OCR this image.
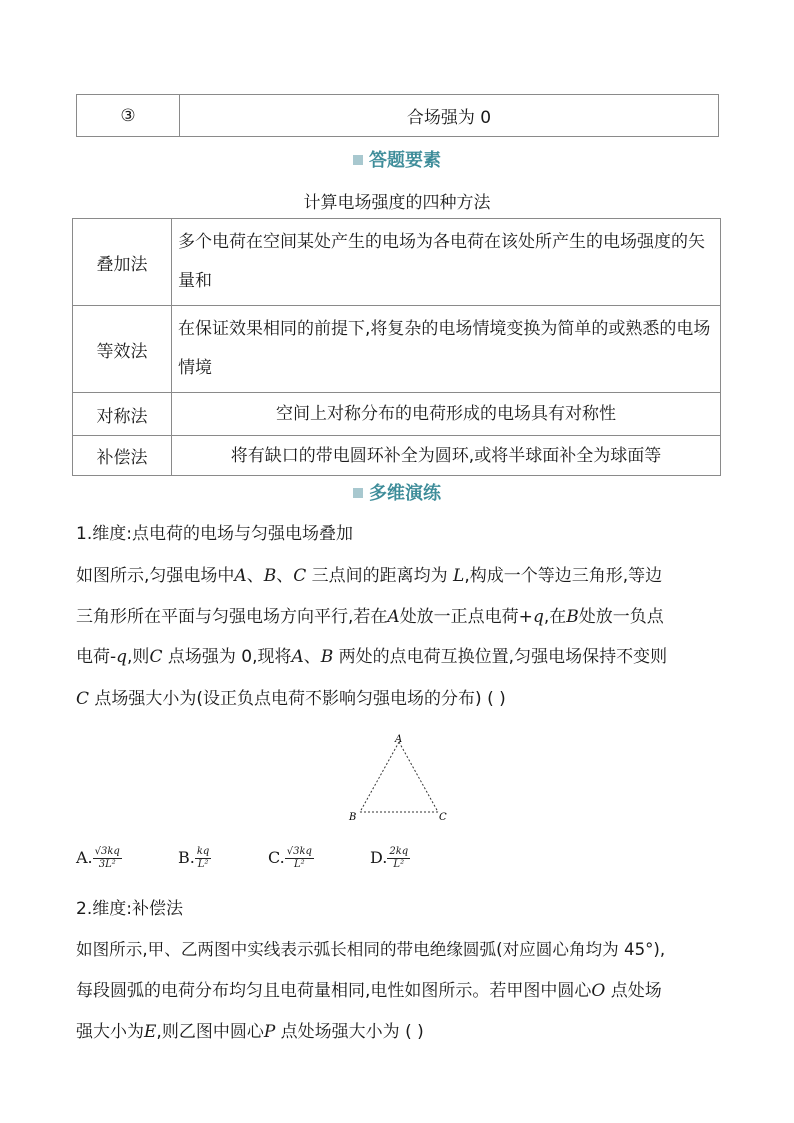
③	合场强为 0
答题要素
计算电场强度的四种方法
叠加法	多个电荷在空间某处产生的电场为各电荷在该处所产生的电场强度的矢量和
等效法	在保证效果相同的前提下,将复杂的电场情境变换为简单的或熟悉的电场情境
对称法	空间上对称分布的电荷形成的电场具有对称性
补偿法	将有缺口的带电圆环补全为圆环,或将半球面补全为球面等
多维演练
1.维度:点电荷的电场与匀强电场叠加
如图所示,匀强电场中A、B、C 三点间的距离均为 L,构成一个等边三角形,等边
三角形所在平面与匀强电场方向平行,若在A处放一正点电荷+q,在B处放一负点
电荷-q,则C 点场强为 0,现将A、B 两处的点电荷互换位置,匀强电场保持不变则
C 点场强大小为(设正负点电荷不影响匀强电场的分布) ( )
A
B	C
A. $\frac{√3kq}{\text{3L²}}$	B. $\frac{kq}{\text{L²}}$	C. $\frac{√3kq}{\text{L²}}$	D. $\frac{2kq}{\text{L²}}$
2.维度:补偿法
如图所示,甲、乙两图中实线表示弧长相同的带电绝缘圆弧(对应圆心角均为 45°),
每段圆弧的电荷分布均匀且电荷量相同,电性如图所示。若甲图中圆心O 点处场
强大小为E,则乙图中圆心P 点处场强大小为 ( )
